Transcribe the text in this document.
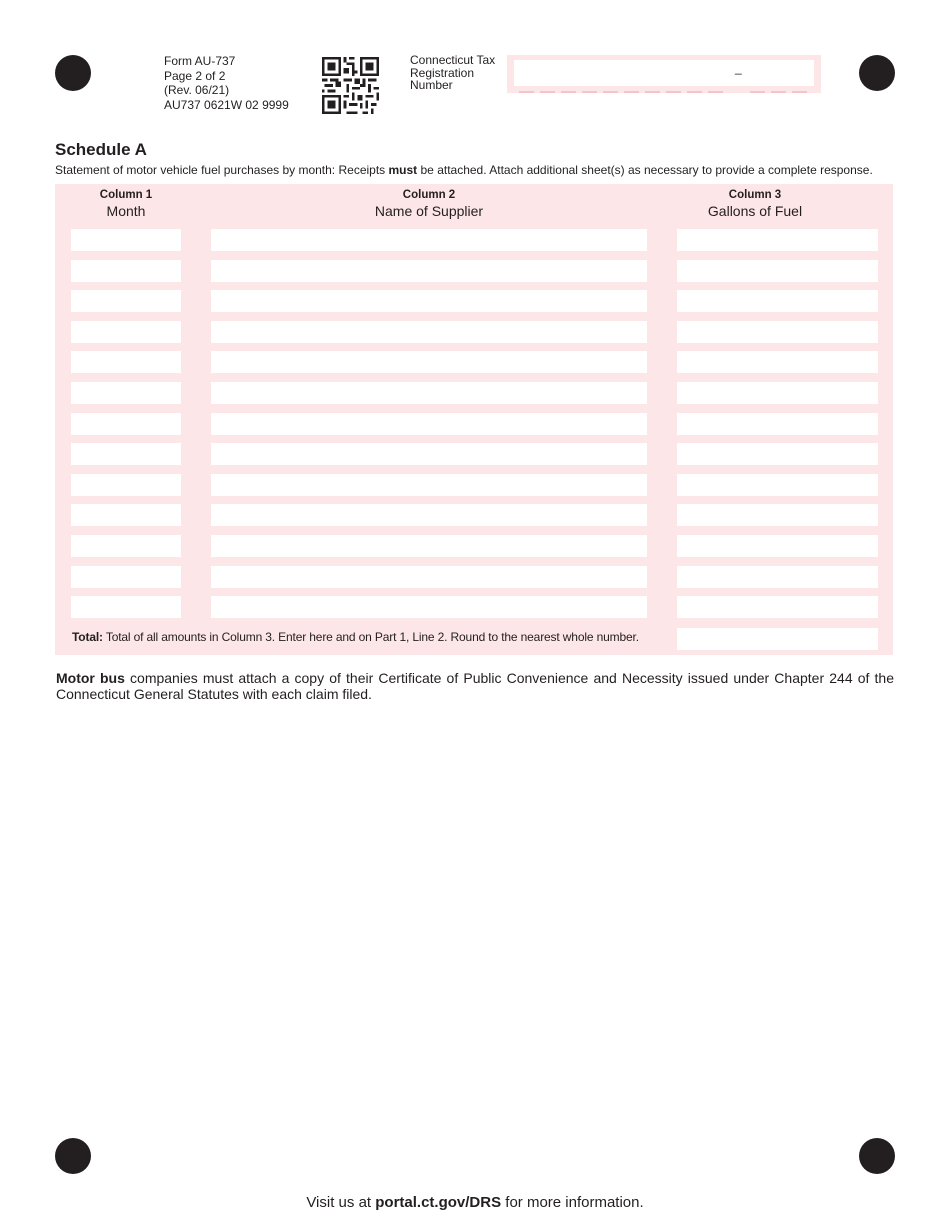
Form AU-737
Page 2 of 2
(Rev. 06/21)
AU737 0621W 02 9999
Connecticut Tax Registration Number
_
Schedule A
Statement of motor vehicle fuel purchases by month: Receipts must be attached. Attach additional sheet(s) as necessary to provide a complete response.
Column 1
Month
Column 2
Name of Supplier
Column 3
Gallons of Fuel
Total: Total of all amounts in Column 3. Enter here and on Part 1, Line 2. Round to the nearest whole number.
Motor bus companies must attach a copy of their Certificate of Public Convenience and Necessity issued under Chapter 244 of the Connecticut General Statutes with each claim filed.
Visit us at portal.ct.gov/DRS for more information.
